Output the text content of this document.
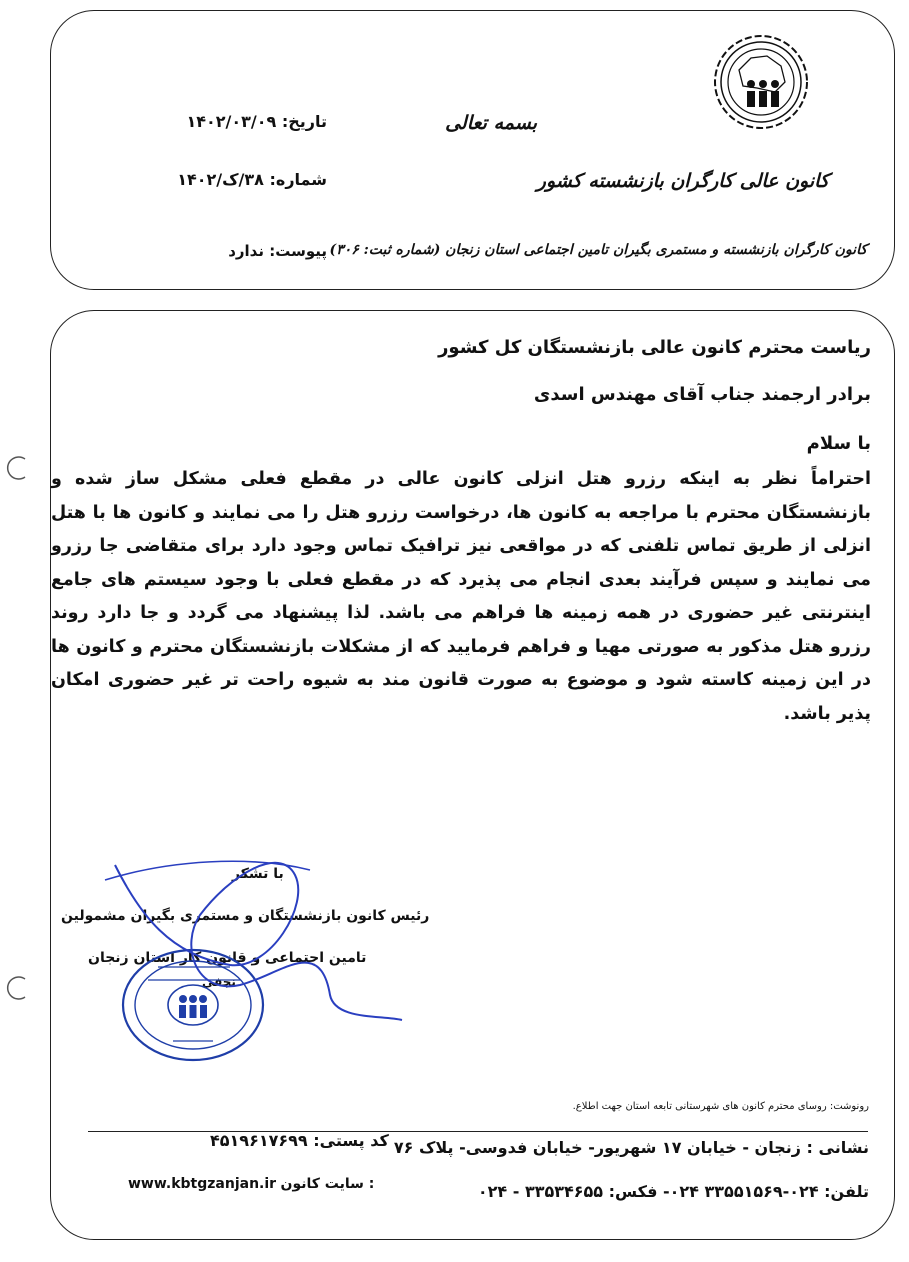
بسمه تعالی
کانون عالی کارگران بازنشسته کشور
کانون کارگران بازنشسته و مستمری بگیران تامین اجتماعی استان زنجان (شماره ثبت: ۳۰۶)
تاریخ: ۱۴۰۲/۰۳/۰۹
شماره: ۳۸/ک/۱۴۰۲
پیوست: ندارد
ریاست محترم کانون عالی بازنشستگان کل کشور
برادر ارجمند جناب آقای مهندس اسدی
با سلام
احتراماً نظر به اینکه رزرو هتل انزلی کانون عالی در مقطع فعلی مشکل ساز شده و بازنشستگان محترم با مراجعه به کانون ها، درخواست رزرو هتل را می نمایند و کانون ها با هتل انزلی از طریق تماس تلفنی که در مواقعی نیز ترافیک تماس وجود دارد برای متقاضی جا رزرو می نمایند و سپس فرآیند بعدی انجام می پذیرد که در مقطع فعلی با وجود سیستم های جامع اینترنتی غیر حضوری در همه زمینه ها فراهم می باشد. لذا پیشنهاد می گردد و جا دارد روند رزرو هتل مذکور به صورتی مهیا و فراهم فرمایید که از مشکلات بازنشستگان محترم و کانون ها در این زمینه کاسته شود و موضوع به صورت قانون مند به شیوه راحت تر غیر حضوری امکان پذیر باشد.
با تشکر
رئیس کانون بازنشستگان و مستمری بگیران مشمولین
تامین اجتماعی و قانون کار استان زنجان
نجفی
رونوشت: روسای محترم کانون های شهرستانی تابعه استان جهت اطلاع.
نشانی : زنجان - خیابان ۱۷ شهریور- خیابان فدوسی- پلاک ۷۶
کد پستی: ۴۵۱۹۶۱۷۶۹۹
تلفن: ۰۲۴-۳۳۵۵۱۵۶۹ ۰۲۴- فکس: ۳۳۵۳۴۶۵۵ - ۰۲۴
www.kbtgzanjan.ir سایت کانون :
